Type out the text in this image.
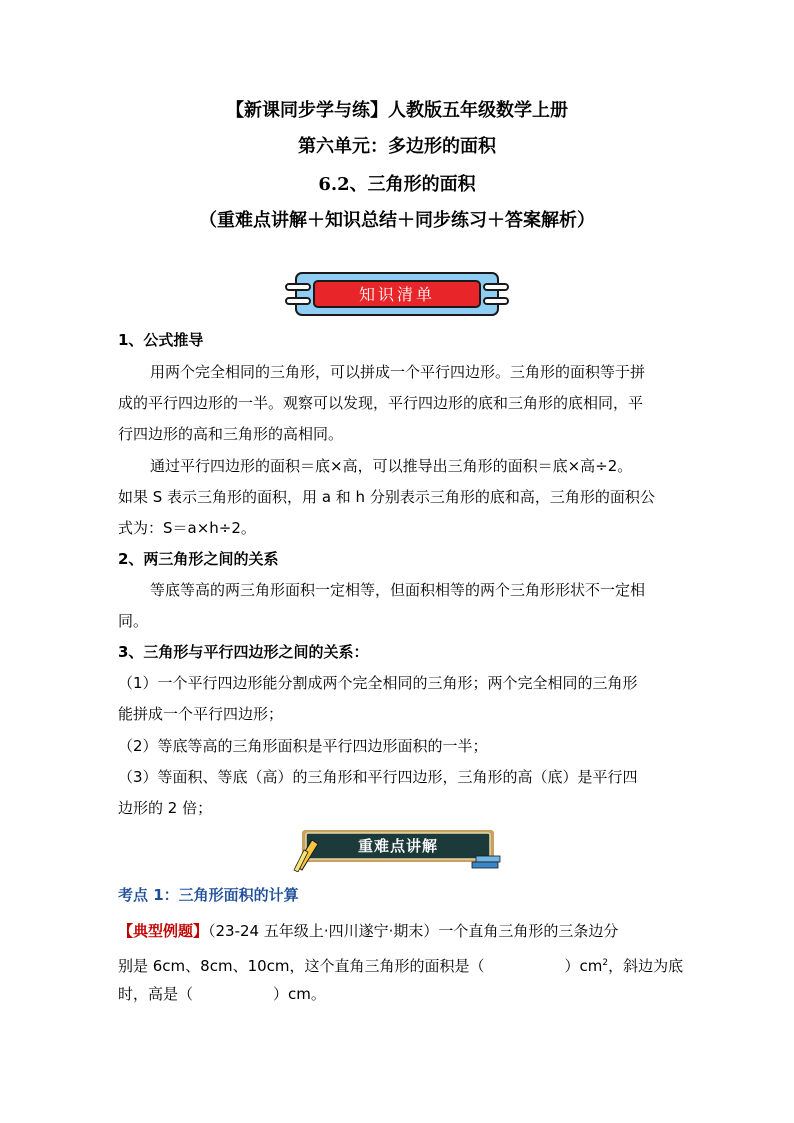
【新课同步学与练】人教版五年级数学上册
第六单元：多边形的面积
6.2、三角形的面积
（重难点讲解＋知识总结＋同步练习＋答案解析）
知识清单
1、公式推导
用两个完全相同的三角形，可以拼成一个平行四边形。三角形的面积等于拼
成的平行四边形的一半。观察可以发现，平行四边形的底和三角形的底相同，平
行四边形的高和三角形的高相同。
通过平行四边形的面积＝底×高，可以推导出三角形的面积＝底×高÷2。
如果 S 表示三角形的面积，用 a 和 h 分别表示三角形的底和高，三角形的面积公
式为：S＝a×h÷2。
2、两三角形之间的关系
等底等高的两三角形面积一定相等，但面积相等的两个三角形形状不一定相
同。
3、三角形与平行四边形之间的关系：
（1）一个平行四边形能分割成两个完全相同的三角形；两个完全相同的三角形
能拼成一个平行四边形；
（2）等底等高的三角形面积是平行四边形面积的一半；
（3）等面积、等底（高）的三角形和平行四边形，三角形的高（底）是平行四
边形的 2 倍；
重难点讲解
考点 1：三角形面积的计算
【典型例题】（23-24 五年级上·四川遂宁·期末）一个直角三角形的三条边分
别是 6cm、8cm、10cm，这个直角三角形的面积是（	）$cm^2$，斜边为底
时，高是（	）cm。
